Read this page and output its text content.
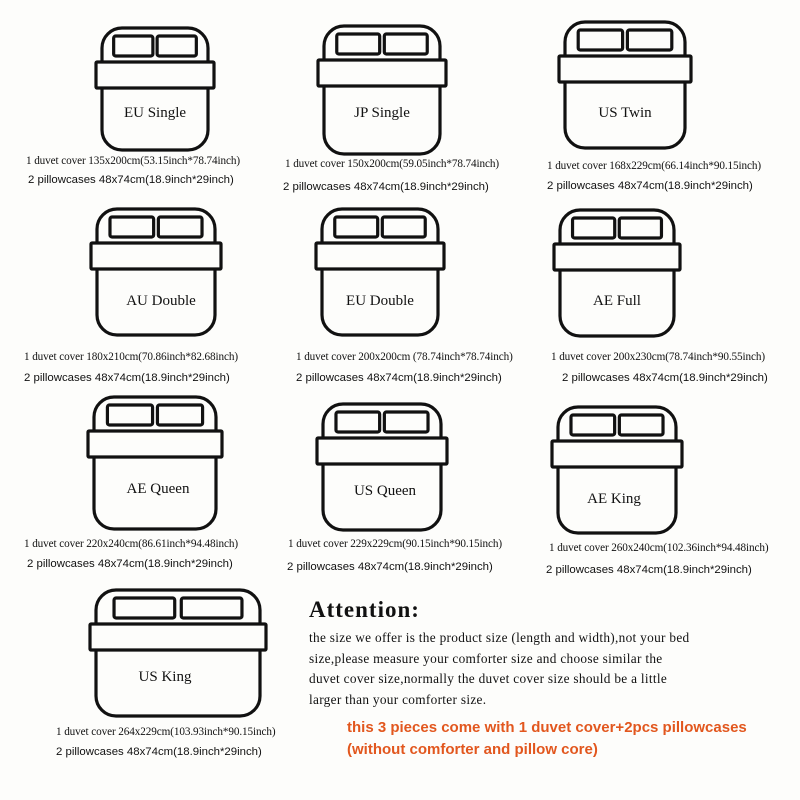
EU Single
1 duvet cover 135x200cm(53.15inch*78.74inch)
2 pillowcases 48x74cm(18.9inch*29inch)
JP Single
1 duvet cover 150x200cm(59.05inch*78.74inch)
2 pillowcases 48x74cm(18.9inch*29inch)
US Twin
1 duvet cover 168x229cm(66.14inch*90.15inch)
2 pillowcases 48x74cm(18.9inch*29inch)
AU Double
1 duvet cover 180x210cm(70.86inch*82.68inch)
2 pillowcases 48x74cm(18.9inch*29inch)
EU Double
1 duvet cover 200x200cm (78.74inch*78.74inch)
2 pillowcases 48x74cm(18.9inch*29inch)
AE Full
1 duvet cover 200x230cm(78.74inch*90.55inch)
2 pillowcases 48x74cm(18.9inch*29inch)
AE Queen
1 duvet cover 220x240cm(86.61inch*94.48inch)
2 pillowcases 48x74cm(18.9inch*29inch)
US Queen
1 duvet cover 229x229cm(90.15inch*90.15inch)
2 pillowcases 48x74cm(18.9inch*29inch)
AE King
1 duvet cover 260x240cm(102.36inch*94.48inch)
2 pillowcases 48x74cm(18.9inch*29inch)
US King
1 duvet cover 264x229cm(103.93inch*90.15inch)
2 pillowcases 48x74cm(18.9inch*29inch)
Attention:
the size we offer is the product size (length and width),not your bed
size,please measure your comforter size and choose similar the
duvet cover size,normally the duvet cover size should be a little
larger than your comforter size.
this 3 pieces come with 1 duvet cover+2pcs pillowcases
(without comforter and pillow core)
